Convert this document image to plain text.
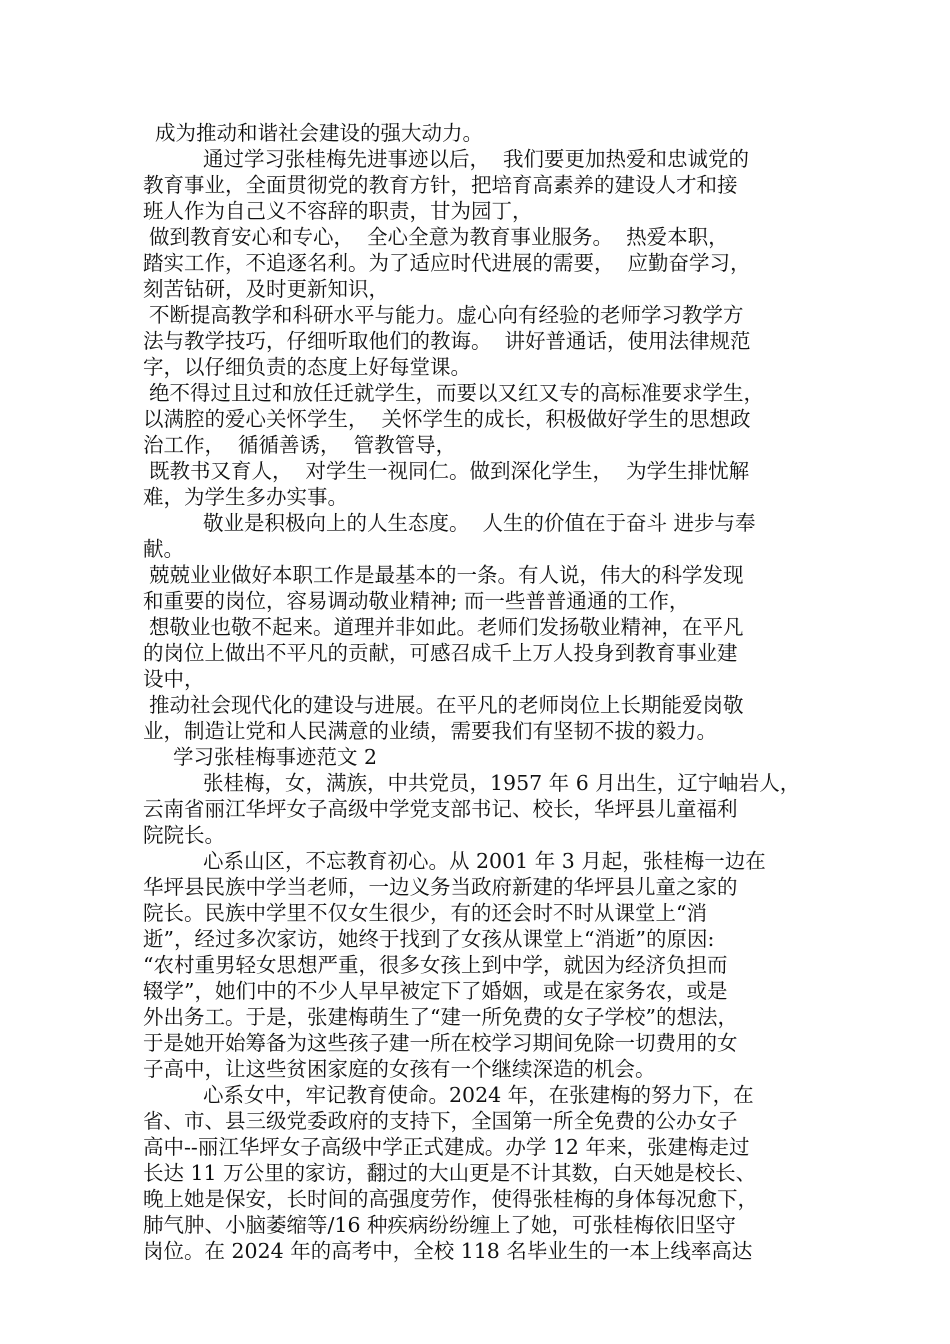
成为推动和谐社会建设的强大动力。
通过学习张桂梅先进事迹以后，  我们要更加热爱和忠诚党的
教育事业，全面贯彻党的教育方针，把培育高素养的建设人才和接
班人作为自己义不容辞的职责，甘为园丁，
做到教育安心和专心，  全心全意为教育事业服务。  热爱本职，
踏实工作，不追逐名利。为了适应时代进展的需要，  应勤奋学习，
刻苦钻研，及时更新知识，
不断提高教学和科研水平与能力。虚心向有经验的老师学习教学方
法与教学技巧，仔细听取他们的教诲。  讲好普通话，使用法律规范
字，以仔细负责的态度上好每堂课。
绝不得过且过和放任迁就学生，而要以又红又专的高标准要求学生，
以满腔的爱心关怀学生，  关怀学生的成长，积极做好学生的思想政
治工作，  循循善诱，  管教管导，
既教书又育人，  对学生一视同仁。做到深化学生，  为学生排忧解
难，为学生多办实事。
敬业是积极向上的人生态度。  人生的价值在于奋斗 进步与奉
献。
兢兢业业做好本职工作是最基本的一条。有人说，伟大的科学发现
和重要的岗位，容易调动敬业精神; 而一些普普通通的工作，
想敬业也敬不起来。道理并非如此。老师们发扬敬业精神，在平凡
的岗位上做出不平凡的贡献，可感召成千上万人投身到教育事业建
设中，
推动社会现代化的建设与进展。在平凡的老师岗位上长期能爱岗敬
业，制造让党和人民满意的业绩，需要我们有坚韧不拔的毅力。
学习张桂梅事迹范文 2
张桂梅，女，满族，中共党员，1957 年 6 月出生，辽宁岫岩人，
云南省丽江华坪女子高级中学党支部书记、校长，华坪县儿童福利
院院长。
心系山区，不忘教育初心。从 2001 年 3 月起，张桂梅一边在
华坪县民族中学当老师，一边义务当政府新建的华坪县儿童之家的
院长。民族中学里不仅女生很少，有的还会时不时从课堂上“消
逝”，经过多次家访，她终于找到了女孩从课堂上“消逝”的原因:
“农村重男轻女思想严重，很多女孩上到中学，就因为经济负担而
辍学”，她们中的不少人早早被定下了婚姻，或是在家务农，或是
外出务工。于是，张建梅萌生了“建一所免费的女子学校”的想法，
于是她开始筹备为这些孩子建一所在校学习期间免除一切费用的女
子高中，让这些贫困家庭的女孩有一个继续深造的机会。
心系女中，牢记教育使命。2024 年，在张建梅的努力下，在
省、市、县三级党委政府的支持下，全国第一所全免费的公办女子
高中--丽江华坪女子高级中学正式建成。办学 12 年来，张建梅走过
长达 11 万公里的家访，翻过的大山更是不计其数，白天她是校长、
晚上她是保安，长时间的高强度劳作，使得张桂梅的身体每况愈下，
肺气肿、小脑萎缩等/16 种疾病纷纷缠上了她，可张桂梅依旧坚守
岗位。在 2024 年的高考中，全校 118 名毕业生的一本上线率高达
